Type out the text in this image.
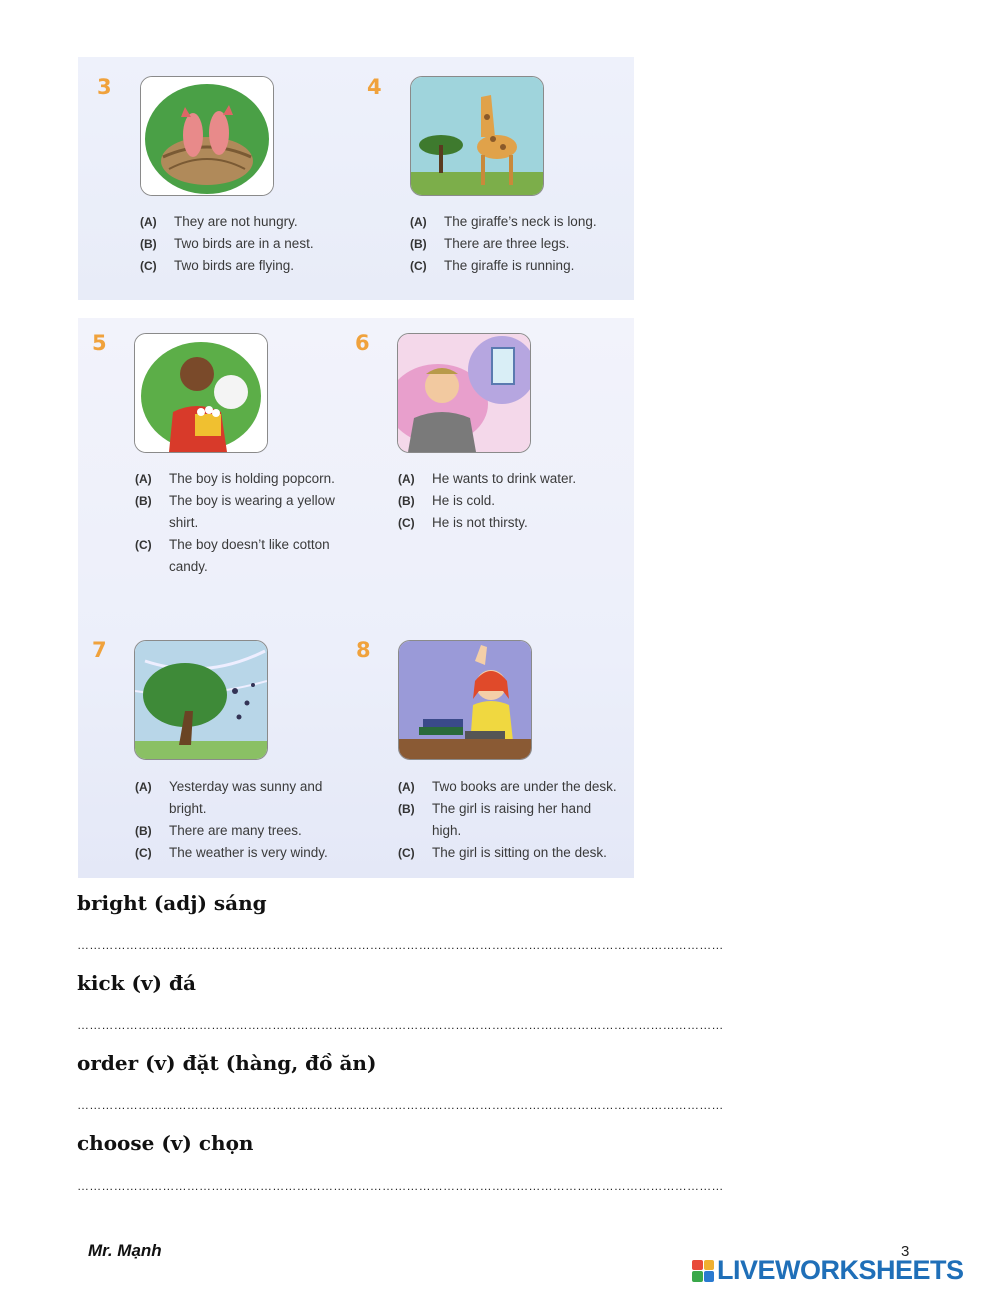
3
(A)	They are not hungry.
(B)	Two birds are in a nest.
(C)	Two birds are flying.
4
(A)	The giraffe’s neck is long.
(B)	There are three legs.
(C)	The giraffe is running.
5
(A)	The boy is holding popcorn.
(B)	The boy is wearing a yellow shirt.
(C)	The boy doesn’t like cotton candy.
6
(A)	He wants to drink water.
(B)	He is cold.
(C)	He is not thirsty.
7
(A)	Yesterday was sunny and bright.
(B)	There are many trees.
(C)	The weather is very windy.
8
(A)	Two books are under the desk.
(B)	The girl is raising her hand high.
(C)	The girl is sitting on the desk.
bright (adj) sáng
……………………………………………………………………………………………………………………………………………
kick (v) đá
……………………………………………………………………………………………………………………………………………
order (v) đặt (hàng, đồ ăn)
……………………………………………………………………………………………………………………………………………
choose (v) chọn
……………………………………………………………………………………………………………………………………………
Mr. Mạnh	3
LIVEWORKSHEETS
